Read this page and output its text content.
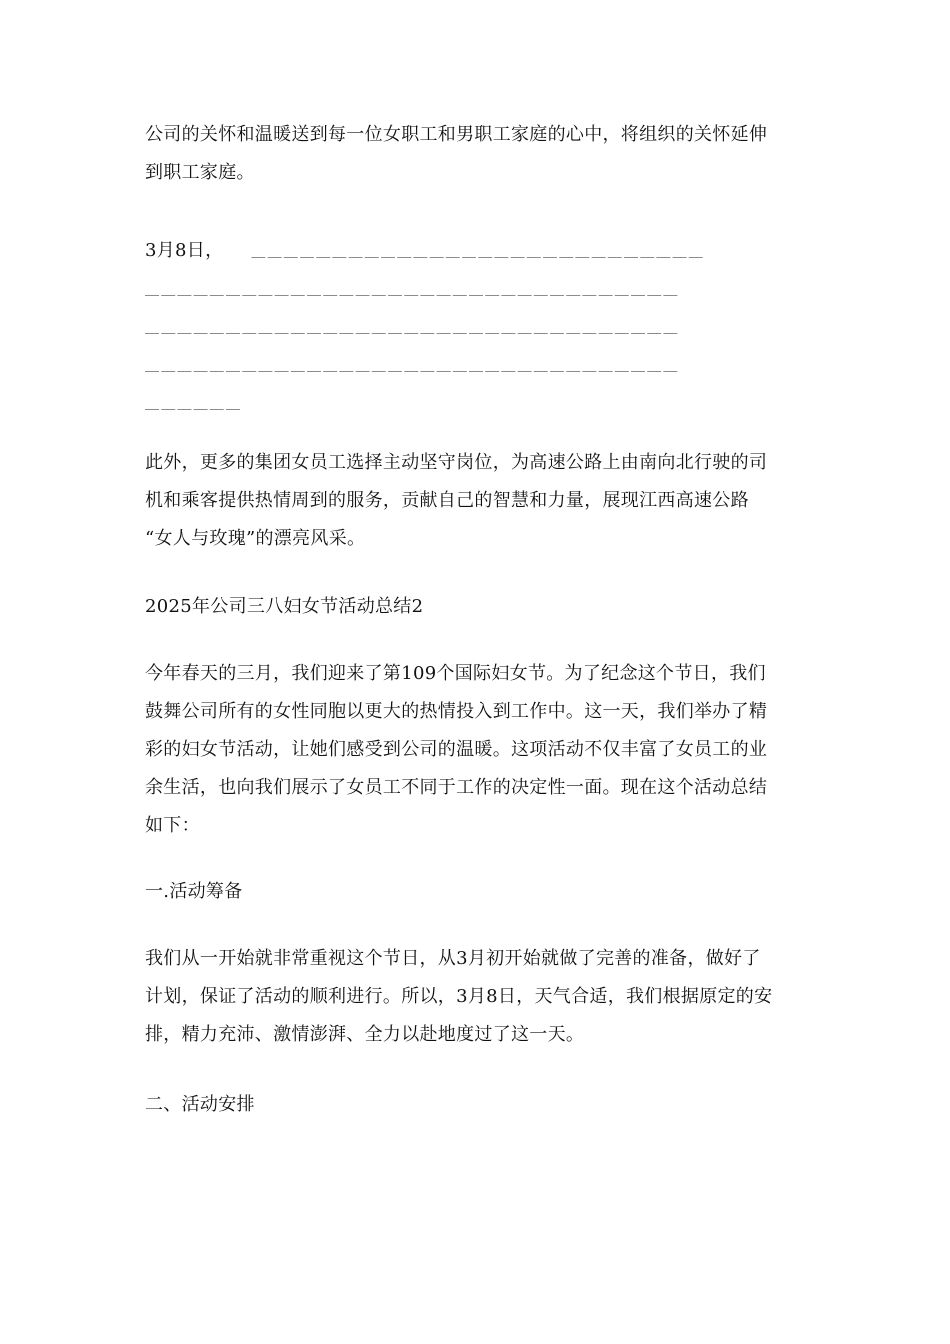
公司的关怀和温暖送到每一位女职工和男职工家庭的心中，将组织的关怀延伸
到职工家庭。
3月8日， ＿＿＿＿＿＿＿＿＿＿＿＿＿＿＿＿＿＿＿＿＿＿＿＿＿＿＿＿
＿＿＿＿＿＿＿＿＿＿＿＿＿＿＿＿＿＿＿＿＿＿＿＿＿＿＿＿＿＿＿＿＿
＿＿＿＿＿＿＿＿＿＿＿＿＿＿＿＿＿＿＿＿＿＿＿＿＿＿＿＿＿＿＿＿＿
＿＿＿＿＿＿＿＿＿＿＿＿＿＿＿＿＿＿＿＿＿＿＿＿＿＿＿＿＿＿＿＿＿
＿＿＿＿＿＿
此外，更多的集团女员工选择主动坚守岗位，为高速公路上由南向北行驶的司
机和乘客提供热情周到的服务，贡献自己的智慧和力量，展现江西高速公路
“女人与玫瑰”的漂亮风采。
2025年公司三八妇女节活动总结2
今年春天的三月，我们迎来了第109个国际妇女节。为了纪念这个节日，我们
鼓舞公司所有的女性同胞以更大的热情投入到工作中。这一天，我们举办了精
彩的妇女节活动，让她们感受到公司的温暖。这项活动不仅丰富了女员工的业
余生活，也向我们展示了女员工不同于工作的决定性一面。现在这个活动总结
如下：
一.活动筹备
我们从一开始就非常重视这个节日，从3月初开始就做了完善的准备，做好了
计划，保证了活动的顺利进行。所以，3月8日，天气合适，我们根据原定的安
排，精力充沛、激情澎湃、全力以赴地度过了这一天。
二、活动安排
